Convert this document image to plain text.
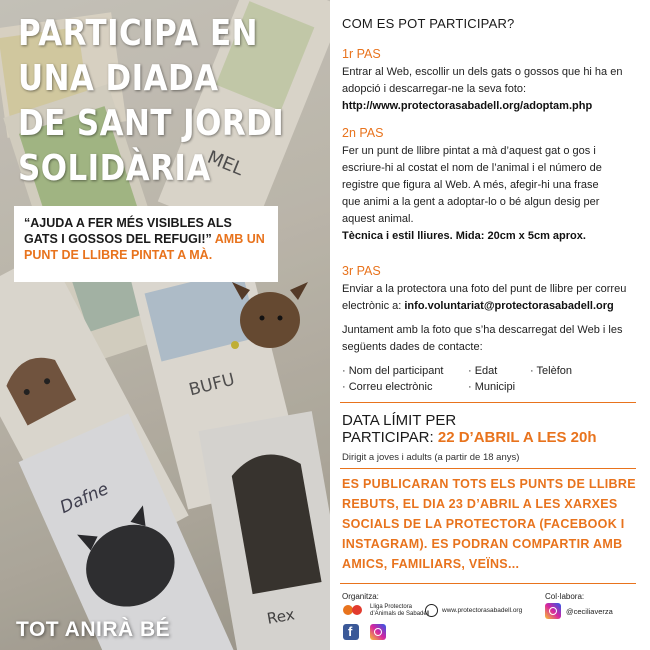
PARTICIPA EN
UNA DIADA
DE SANT JORDI
SOLIDÀRIA
“AJUDA A FER MÉS VISIBLES ALS GATS I GOSSOS DEL REFUGI!” AMB UN PUNT DE LLIBRE PINTAT A MÀ.
TOT ANIRÀ BÉ
COM ES POT PARTICIPAR?
1r PAS
Entrar al Web, escollir un dels gats o gossos que hi ha en
adopció i descarregar-ne la seva foto:
http://www.protectorasabadell.org/adoptam.php
2n PAS
Fer un punt de llibre pintat a mà d’aquest gat o gos i
escriure-hi al costat el nom de l’animal i el número de
registre que figura al Web. A més, afegir-hi una frase
que animi a la gent a adoptar-lo o bé algun desig per
aquest animal.
Tècnica i estil lliures. Mida: 20cm x 5cm aprox.
3r PAS
Enviar a la protectora una foto del punt de llibre per correu
electrònic a: info.voluntariat@protectorasabadell.org
Juntament amb la foto que s’ha descarregat del Web i les
següents dades de contacte:
· Nom del participant · Edat	· Telèfon
· Correu electrònic	· Municipi
DATA LÍMIT PER
PARTICIPAR: 22 D’ABRIL A LES 20h
Dirigit a joves i adults (a partir de 18 anys)
ES PUBLICARAN TOTS ELS PUNTS DE LLIBRE
REBUTS, EL DIA 23 D’ABRIL A LES XARXES
SOCIALS DE LA PROTECTORA (FACEBOOK I
INSTAGRAM). ES PODRAN COMPARTIR AMB
AMICS, FAMILIARS, VEÏNS...
Organitza:
Lliga Protectora
d’Animals de Sabadell www.protectorasabadell.org
Col·labora:
@ceciliaverza
f
